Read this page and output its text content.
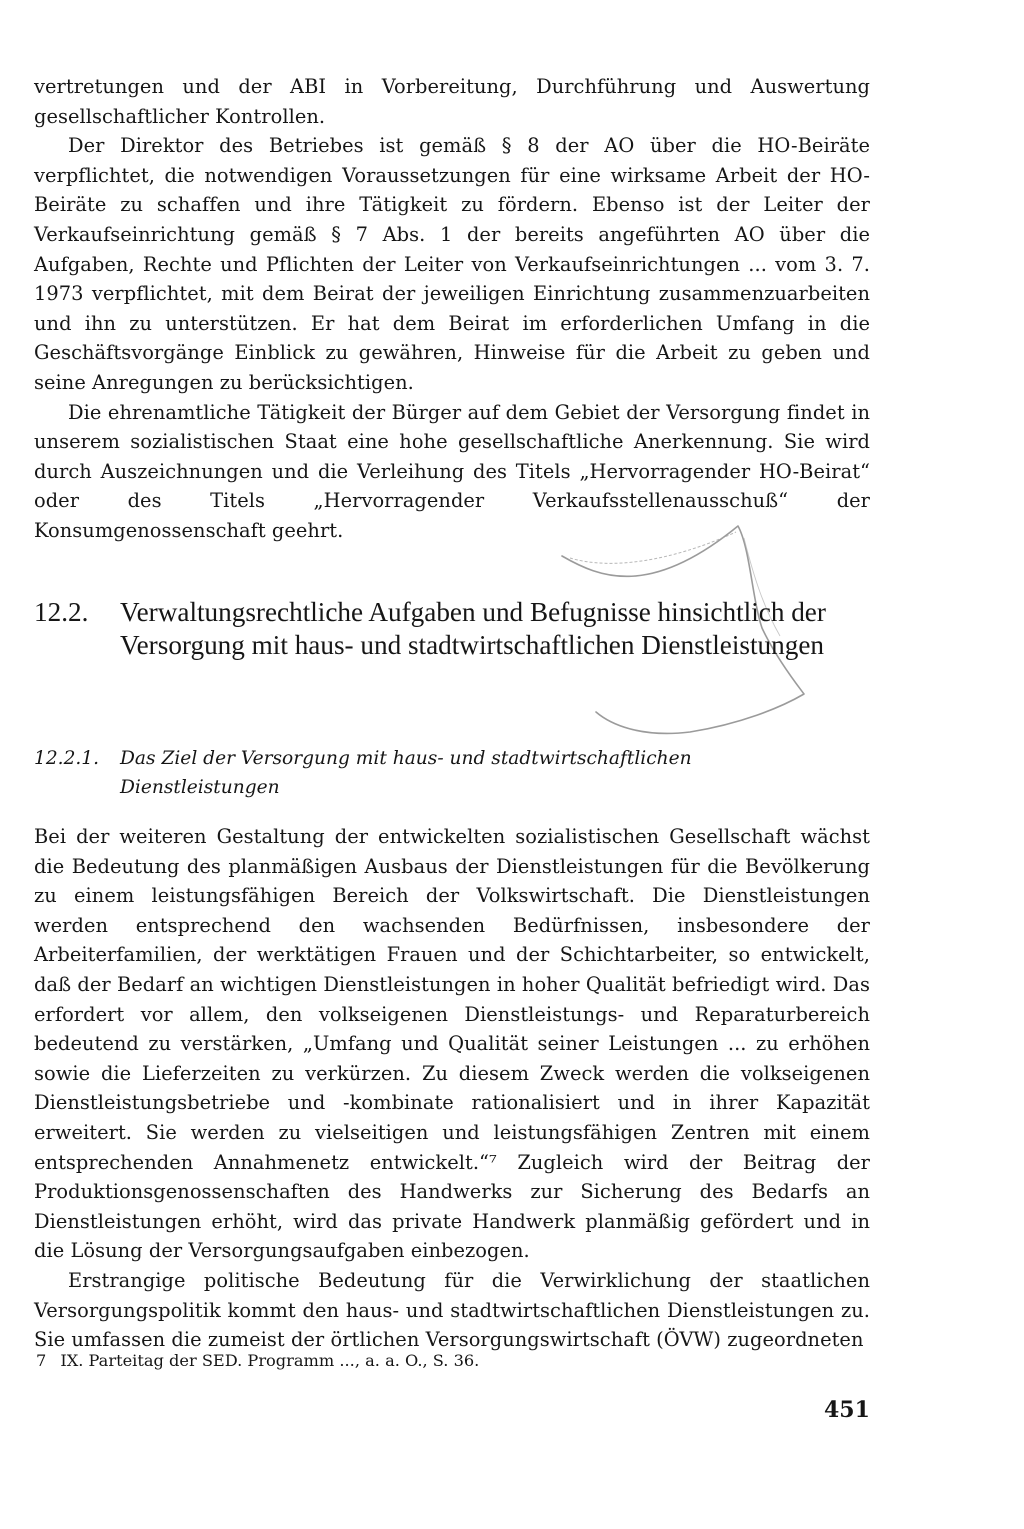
vertretungen und der ABI in Vorbereitung, Durchführung und Auswertung gesellschaftlicher Kontrollen.

Der Direktor des Betriebes ist gemäß § 8 der AO über die HO-Beiräte verpflichtet, die notwendigen Voraussetzungen für eine wirksame Arbeit der HO-Beiräte zu schaffen und ihre Tätigkeit zu fördern. Ebenso ist der Leiter der Verkaufseinrichtung gemäß § 7 Abs. 1 der bereits angeführten AO über die Aufgaben, Rechte und Pflichten der Leiter von Verkaufseinrichtungen ... vom 3. 7. 1973 verpflichtet, mit dem Beirat der jeweiligen Einrichtung zusammenzuarbeiten und ihn zu unterstützen. Er hat dem Beirat im erforderlichen Umfang in die Geschäftsvorgänge Einblick zu gewähren, Hinweise für die Arbeit zu geben und seine Anregungen zu berücksichtigen.

Die ehrenamtliche Tätigkeit der Bürger auf dem Gebiet der Versorgung findet in unserem sozialistischen Staat eine hohe gesellschaftliche Anerkennung. Sie wird durch Auszeichnungen und die Verleihung des Titels „Hervorragender HO-Beirat“ oder des Titels „Hervorragender Verkaufsstellenausschuß“ der Konsumgenossenschaft geehrt.

12.2.	Verwaltungsrechtliche Aufgaben und Befugnisse hinsichtlich der Versorgung mit haus- und stadtwirtschaftlichen Dienstleistungen
12.2.1.	Das Ziel der Versorgung mit haus- und stadtwirtschaftlichen Dienstleistungen

Bei der weiteren Gestaltung der entwickelten sozialistischen Gesellschaft wächst die Bedeutung des planmäßigen Ausbaus der Dienstleistungen für die Bevölkerung zu einem leistungsfähigen Bereich der Volkswirtschaft. Die Dienstleistungen werden entsprechend den wachsenden Bedürfnissen, insbesondere der Arbeiterfamilien, der werktätigen Frauen und der Schichtarbeiter, so entwickelt, daß der Bedarf an wichtigen Dienstleistungen in hoher Qualität befriedigt wird. Das erfordert vor allem, den volkseigenen Dienstleistungs- und Reparaturbereich bedeutend zu verstärken, „Umfang und Qualität seiner Leistungen ... zu erhöhen sowie die Lieferzeiten zu verkürzen. Zu diesem Zweck werden die volkseigenen Dienstleistungsbetriebe und -kombinate rationalisiert und in ihrer Kapazität erweitert. Sie werden zu vielseitigen und leistungsfähigen Zentren mit einem entsprechenden Annahmenetz entwickelt.“⁷ Zugleich wird der Beitrag der Produktionsgenossenschaften des Handwerks zur Sicherung des Bedarfs an Dienstleistungen erhöht, wird das private Handwerk planmäßig gefördert und in die Lösung der Versorgungsaufgaben einbezogen.

Erstrangige politische Bedeutung für die Verwirklichung der staatlichen Versorgungspolitik kommt den haus- und stadtwirtschaftlichen Dienstleistungen zu. Sie umfassen die zumeist der örtlichen Versorgungswirtschaft (ÖVW) zugeordneten

7 IX. Parteitag der SED. Programm ..., a. a. O., S. 36.
451
